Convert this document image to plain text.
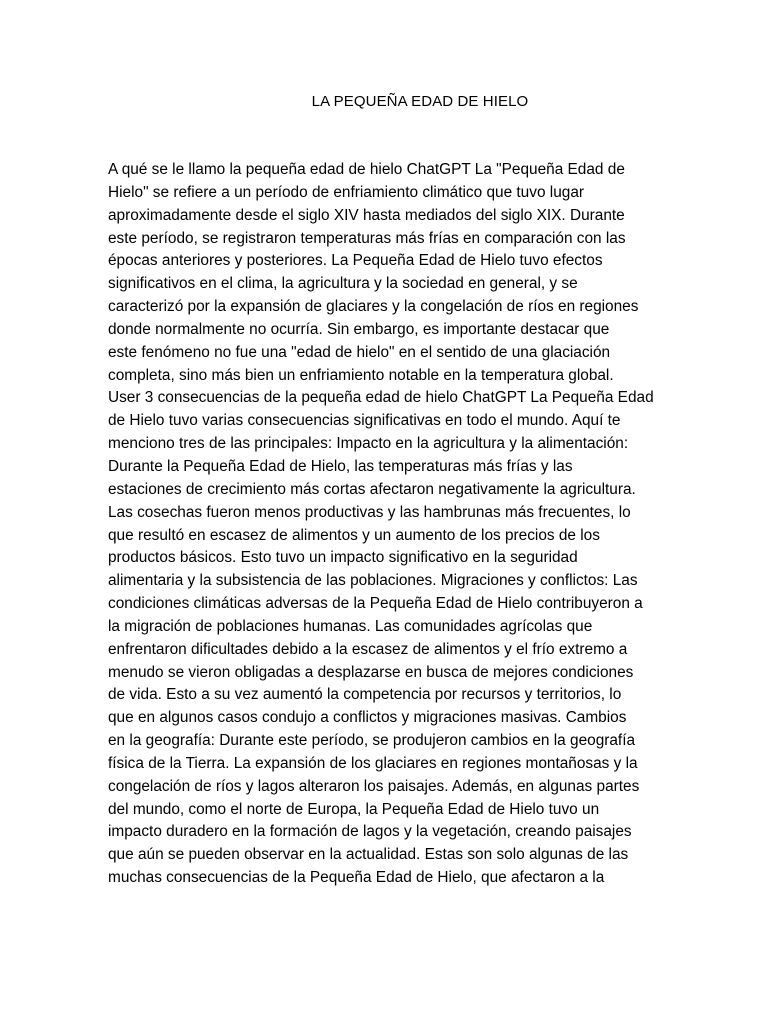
LA PEQUEÑA EDAD DE HIELO
A qué se le llamo la pequeña edad de hielo ChatGPT La "Pequeña Edad de
Hielo" se refiere a un período de enfriamiento climático que tuvo lugar
aproximadamente desde el siglo XIV hasta mediados del siglo XIX. Durante
este período, se registraron temperaturas más frías en comparación con las
épocas anteriores y posteriores. La Pequeña Edad de Hielo tuvo efectos
significativos en el clima, la agricultura y la sociedad en general, y se
caracterizó por la expansión de glaciares y la congelación de ríos en regiones
donde normalmente no ocurría. Sin embargo, es importante destacar que
este fenómeno no fue una "edad de hielo" en el sentido de una glaciación
completa, sino más bien un enfriamiento notable en la temperatura global.
User 3 consecuencias de la pequeña edad de hielo ChatGPT La Pequeña Edad
de Hielo tuvo varias consecuencias significativas en todo el mundo. Aquí te
menciono tres de las principales: Impacto en la agricultura y la alimentación:
Durante la Pequeña Edad de Hielo, las temperaturas más frías y las
estaciones de crecimiento más cortas afectaron negativamente la agricultura.
Las cosechas fueron menos productivas y las hambrunas más frecuentes, lo
que resultó en escasez de alimentos y un aumento de los precios de los
productos básicos. Esto tuvo un impacto significativo en la seguridad
alimentaria y la subsistencia de las poblaciones. Migraciones y conflictos: Las
condiciones climáticas adversas de la Pequeña Edad de Hielo contribuyeron a
la migración de poblaciones humanas. Las comunidades agrícolas que
enfrentaron dificultades debido a la escasez de alimentos y el frío extremo a
menudo se vieron obligadas a desplazarse en busca de mejores condiciones
de vida. Esto a su vez aumentó la competencia por recursos y territorios, lo
que en algunos casos condujo a conflictos y migraciones masivas. Cambios
en la geografía: Durante este período, se produjeron cambios en la geografía
física de la Tierra. La expansión de los glaciares en regiones montañosas y la
congelación de ríos y lagos alteraron los paisajes. Además, en algunas partes
del mundo, como el norte de Europa, la Pequeña Edad de Hielo tuvo un
impacto duradero en la formación de lagos y la vegetación, creando paisajes
que aún se pueden observar en la actualidad. Estas son solo algunas de las
muchas consecuencias de la Pequeña Edad de Hielo, que afectaron a la
